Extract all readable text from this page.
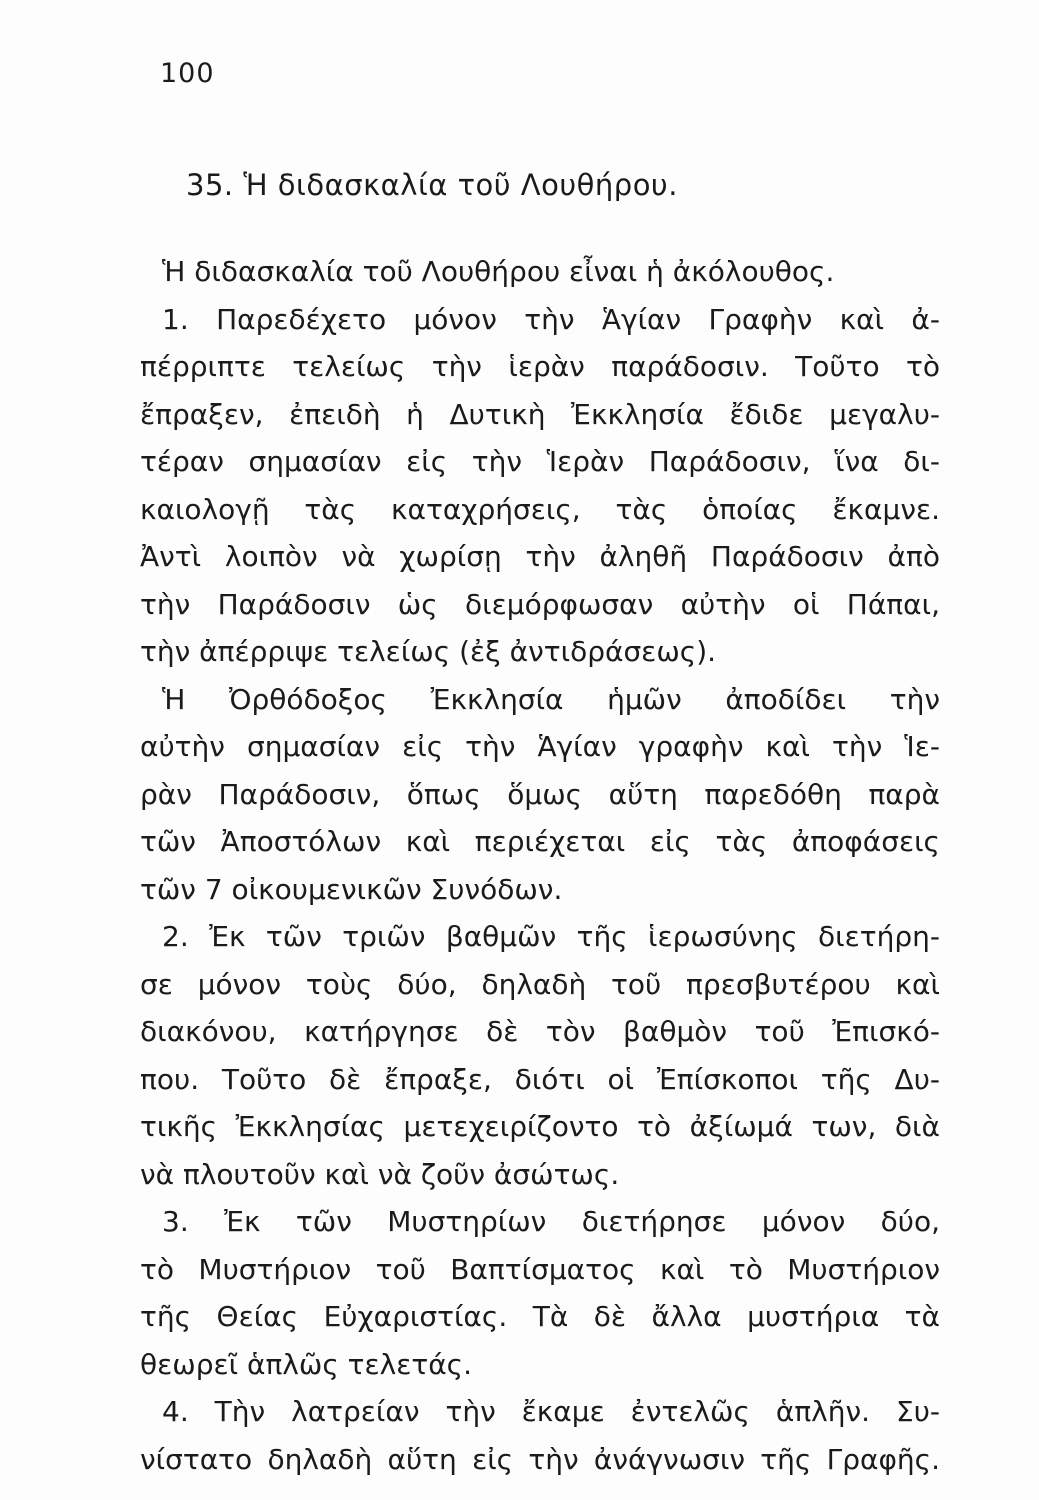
100
35. Ἡ διδασκαλία τοῦ Λουθήρου.
Ἡ διδασκαλία τοῦ Λουθήρου εἶναι ἡ ἀκόλουθος.
1. Παρεδέχετο μόνον τὴν Ἁγίαν Γραφὴν καὶ ἀ-
πέρριπτε τελείως τὴν ἱερὰν παράδοσιν. Τοῦτο τὸ
ἔπραξεν, ἐπειδὴ ἡ Δυτικὴ Ἐκκλησία ἔδιδε μεγαλυ-
τέραν σημασίαν εἰς τὴν Ἱερὰν Παράδοσιν, ἵνα δι-
καιολογῇ τὰς καταχρήσεις, τὰς ὁποίας ἔκαμνε.
Ἀντὶ λοιπὸν νὰ χωρίσῃ τὴν ἀληθῆ Παράδοσιν ἀπὸ
τὴν Παράδοσιν ὡς διεμόρφωσαν αὐτὴν οἱ Πάπαι,
τὴν ἀπέρριψε τελείως (ἐξ ἀντιδράσεως).
Ἡ Ὀρθόδοξος Ἐκκλησία ἡμῶν ἀποδίδει τὴν
αὐτὴν σημασίαν εἰς τὴν Ἁγίαν γραφὴν καὶ τὴν Ἱε-
ρὰν Παράδοσιν, ὅπως ὅμως αὕτη παρεδόθη παρὰ
τῶν Ἀποστόλων καὶ περιέχεται εἰς τὰς ἀποφάσεις
τῶν 7 οἰκουμενικῶν Συνόδων.
2. Ἐκ τῶν τριῶν βαθμῶν τῆς ἱερωσύνης διετήρη-
σε μόνον τοὺς δύο, δηλαδὴ τοῦ πρεσβυτέρου καὶ
διακόνου, κατήργησε δὲ τὸν βαθμὸν τοῦ Ἐπισκό-
που. Τοῦτο δὲ ἔπραξε, διότι οἱ Ἐπίσκοποι τῆς Δυ-
τικῆς Ἐκκλησίας μετεχειρίζοντο τὸ ἀξίωμά των, διὰ
νὰ πλουτοῦν καὶ νὰ ζοῦν ἀσώτως.
3. Ἐκ τῶν Μυστηρίων διετήρησε μόνον δύο,
τὸ Μυστήριον τοῦ Βαπτίσματος καὶ τὸ Μυστήριον
τῆς Θείας Εὐχαριστίας. Τὰ δὲ ἄλλα μυστήρια τὰ
θεωρεῖ ἁπλῶς τελετάς.
4. Τὴν λατρείαν τὴν ἔκαμε ἐντελῶς ἁπλῆν. Συ-
νίστατο δηλαδὴ αὕτη εἰς τὴν ἀνάγνωσιν τῆς Γραφῆς.
